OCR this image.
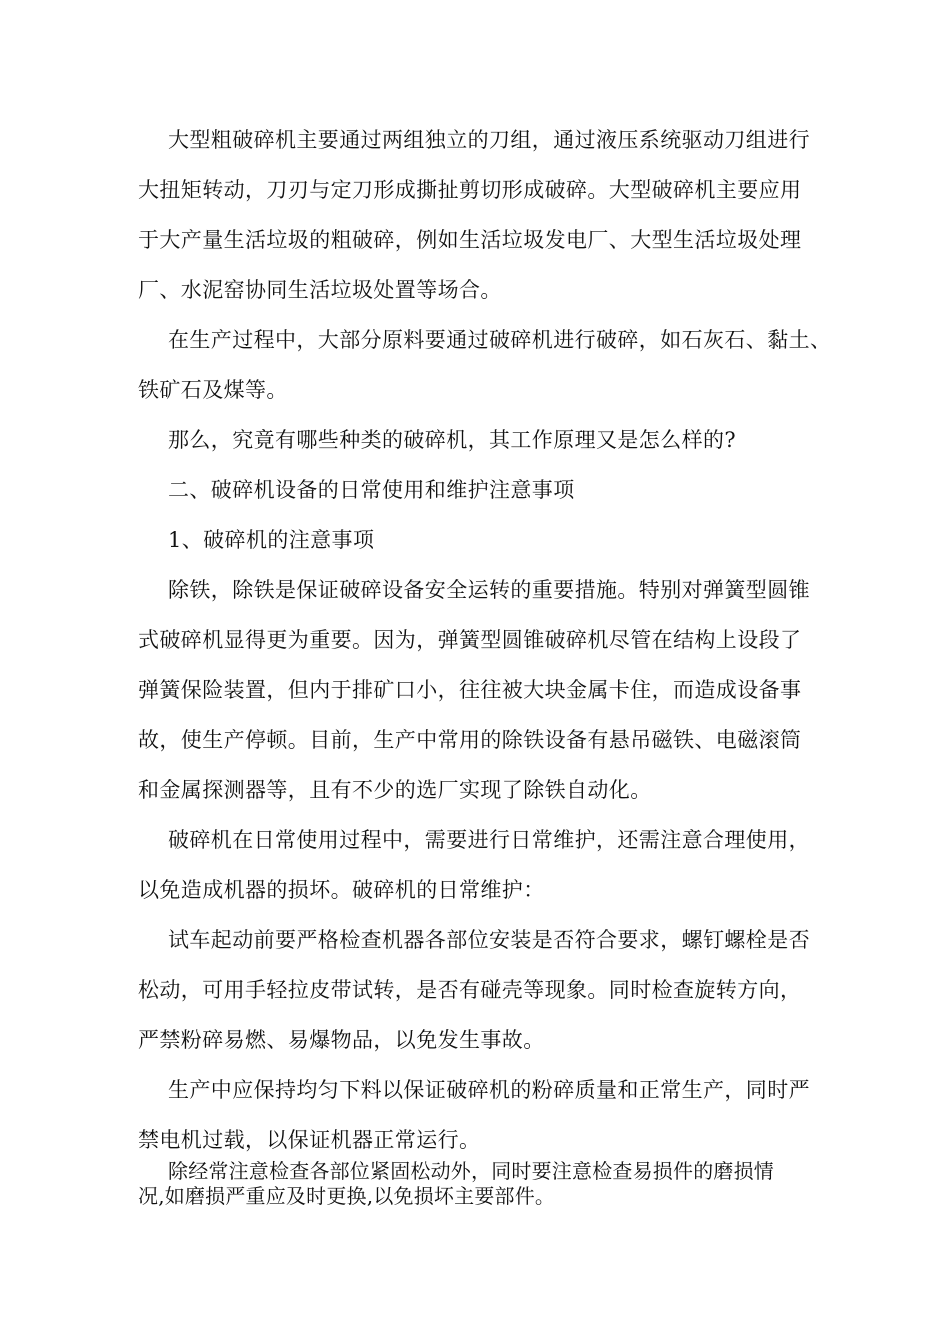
大型粗破碎机主要通过两组独立的刀组，通过液压系统驱动刀组进行

大扭矩转动，刀刃与定刀形成撕扯剪切形成破碎。大型破碎机主要应用

于大产量生活垃圾的粗破碎，例如生活垃圾发电厂、大型生活垃圾处理

厂、水泥窑协同生活垃圾处置等场合。

在生产过程中，大部分原料要通过破碎机进行破碎，如石灰石、黏土、

铁矿石及煤等。

那么，究竟有哪些种类的破碎机，其工作原理又是怎么样的?

二、破碎机设备的日常使用和维护注意事项

1、破碎机的注意事项

除铁，除铁是保证破碎设备安全运转的重要措施。特别对弹簧型圆锥

式破碎机显得更为重要。因为，弹簧型圆锥破碎机尽管在结构上设段了

弹簧保险装置，但内于排矿口小，往往被大块金属卡住，而造成设备事

故，使生产停顿。目前，生产中常用的除铁设备有悬吊磁铁、电磁滚筒

和金属探测器等，且有不少的选厂实现了除铁自动化。

破碎机在日常使用过程中，需要进行日常维护，还需注意合理使用，

以免造成机器的损坏。破碎机的日常维护：

试车起动前要严格检查机器各部位安装是否符合要求，螺钉螺栓是否

松动，可用手轻拉皮带试转，是否有碰壳等现象。同时检查旋转方向，

严禁粉碎易燃、易爆物品，以免发生事故。

生产中应保持均匀下料以保证破碎机的粉碎质量和正常生产，同时严

禁电机过载，以保证机器正常运行。

除经常注意检查各部位紧固松动外，同时要注意检查易损件的磨损情

况,如磨损严重应及时更换,以免损坏主要部件。
